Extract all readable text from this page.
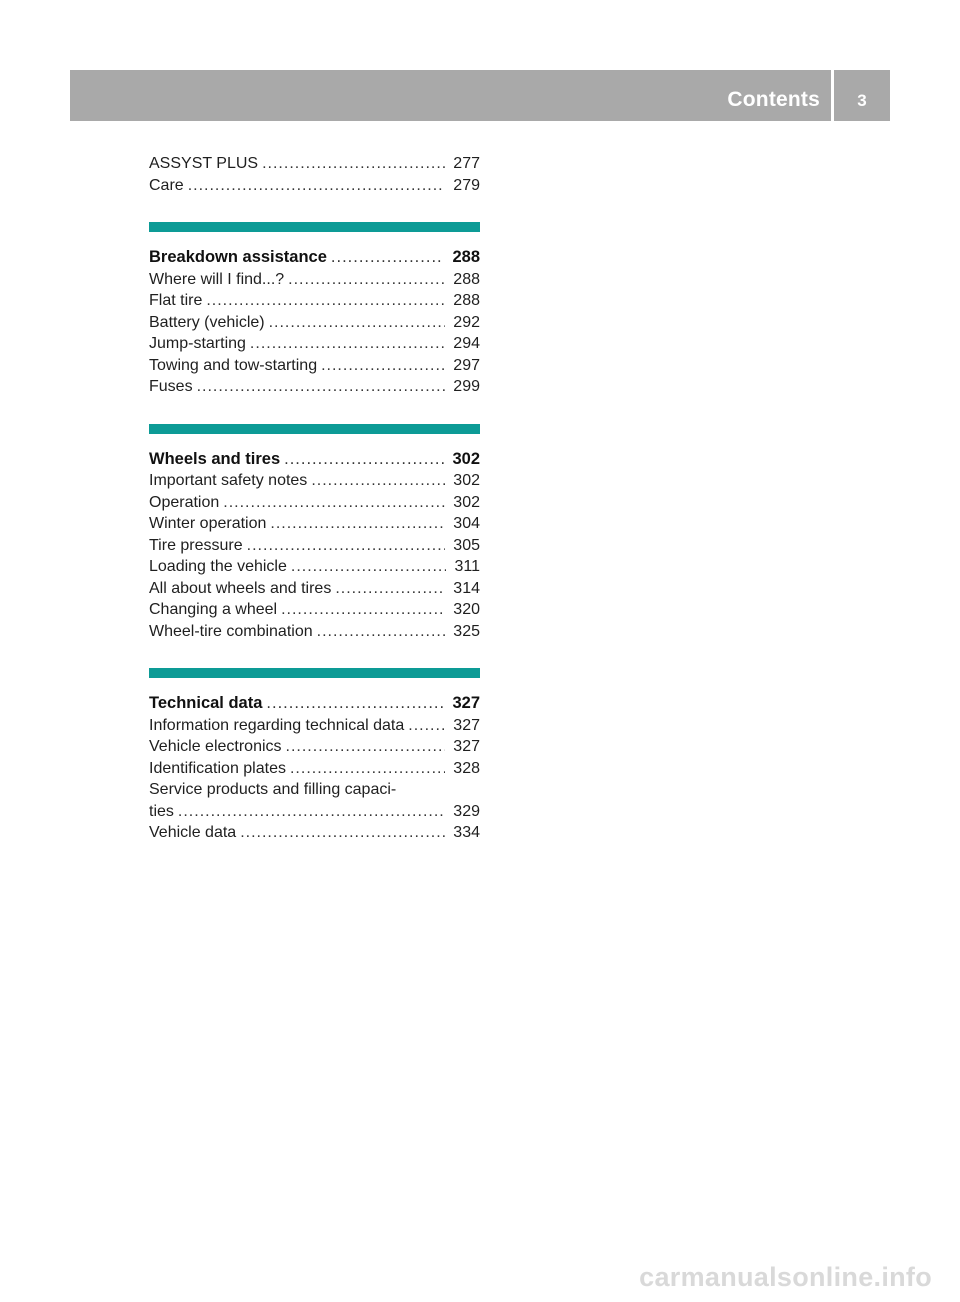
Contents	3
ASSYST PLUS .....	277
Care .....	279
Breakdown assistance .....	288
Where will I find...? .....	288
Flat tire .....	288
Battery (vehicle) .....	292
Jump-starting .....	294
Towing and tow-starting .....	297
Fuses .....	299
Wheels and tires .....	302
Important safety notes .....	302
Operation .....	302
Winter operation .....	304
Tire pressure .....	305
Loading the vehicle .....	311
All about wheels and tires .....	314
Changing a wheel .....	320
Wheel-tire combination .....	325
Technical data .....	327
Information regarding technical data .....	327
Vehicle electronics .....	327
Identification plates .....	328
Service products and filling capaci-
ties .....	329
Vehicle data .....	334
carmanualsonline.info
